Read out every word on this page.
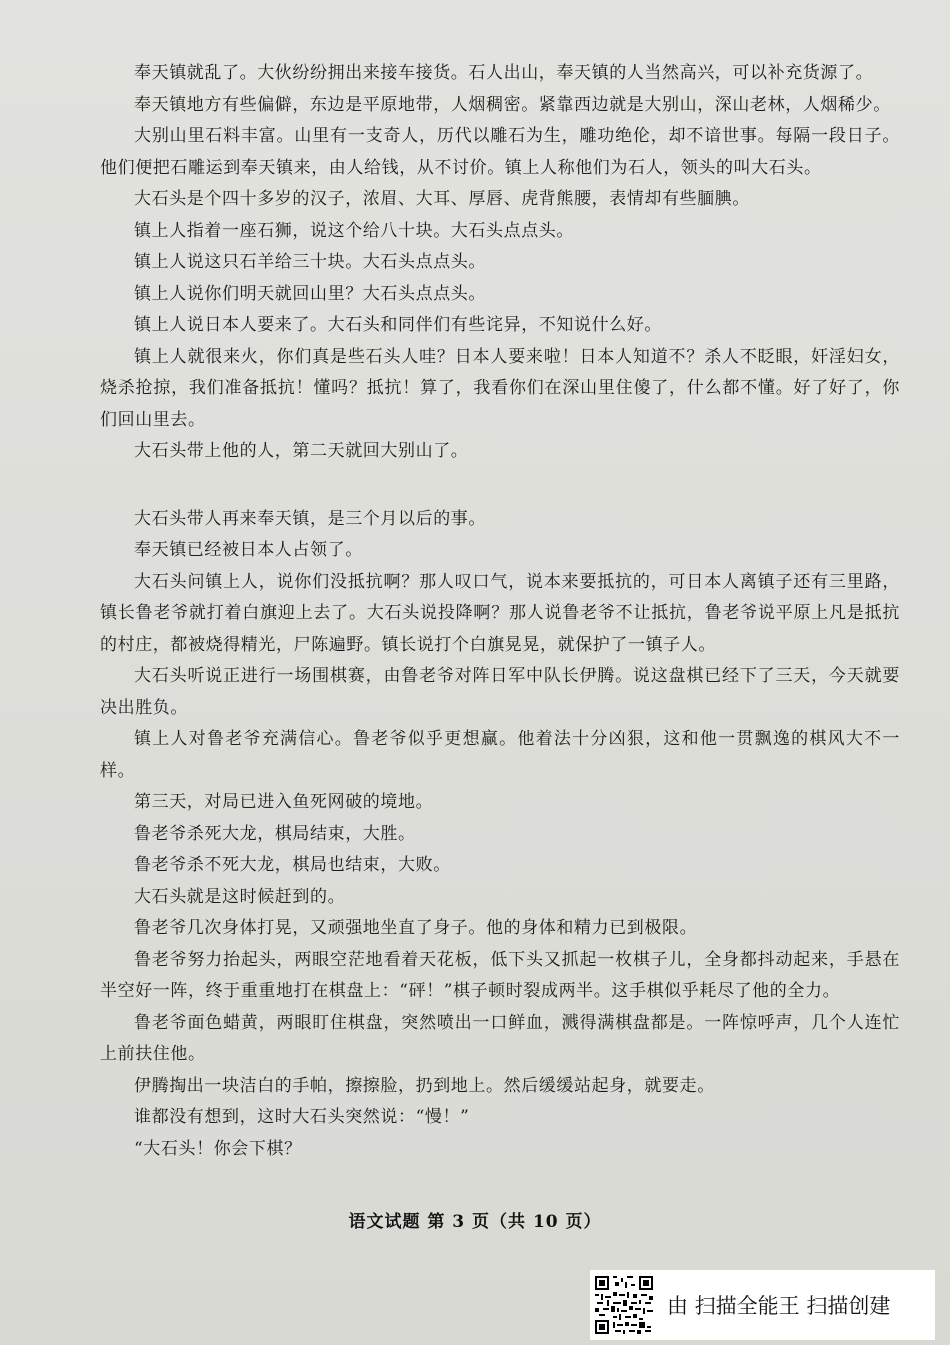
奉天镇就乱了。大伙纷纷拥出来接车接货。石人出山，奉天镇的人当然高兴，可以补充货源了。

奉天镇地方有些偏僻，东边是平原地带，人烟稠密。紧靠西边就是大别山，深山老林，人烟稀少。

大别山里石料丰富。山里有一支奇人，历代以雕石为生，雕功绝伦，却不谙世事。每隔一段日子。他们便把石雕运到奉天镇来，由人给钱，从不讨价。镇上人称他们为石人，领头的叫大石头。

大石头是个四十多岁的汉子，浓眉、大耳、厚唇、虎背熊腰，表情却有些腼腆。

镇上人指着一座石狮，说这个给八十块。大石头点点头。

镇上人说这只石羊给三十块。大石头点点头。

镇上人说你们明天就回山里？大石头点点头。

镇上人说日本人要来了。大石头和同伴们有些诧异，不知说什么好。

镇上人就很来火，你们真是些石头人哇？日本人要来啦！日本人知道不？杀人不眨眼，奸淫妇女，烧杀抢掠，我们准备抵抗！懂吗？抵抗！算了，我看你们在深山里住傻了，什么都不懂。好了好了，你们回山里去。

大石头带上他的人，第二天就回大别山了。

大石头带人再来奉天镇，是三个月以后的事。

奉天镇已经被日本人占领了。

大石头问镇上人，说你们没抵抗啊？那人叹口气，说本来要抵抗的，可日本人离镇子还有三里路，镇长鲁老爷就打着白旗迎上去了。大石头说投降啊？那人说鲁老爷不让抵抗，鲁老爷说平原上凡是抵抗的村庄，都被烧得精光，尸陈遍野。镇长说打个白旗晃晃，就保护了一镇子人。

大石头听说正进行一场围棋赛，由鲁老爷对阵日军中队长伊腾。说这盘棋已经下了三天，今天就要决出胜负。

镇上人对鲁老爷充满信心。鲁老爷似乎更想赢。他着法十分凶狠，这和他一贯飘逸的棋风大不一样。

第三天，对局已进入鱼死网破的境地。

鲁老爷杀死大龙，棋局结束，大胜。

鲁老爷杀不死大龙，棋局也结束，大败。

大石头就是这时候赶到的。

鲁老爷几次身体打晃，又顽强地坐直了身子。他的身体和精力已到极限。

鲁老爷努力抬起头，两眼空茫地看着天花板，低下头又抓起一枚棋子儿，全身都抖动起来，手悬在半空好一阵，终于重重地打在棋盘上：“砰！”棋子顿时裂成两半。这手棋似乎耗尽了他的全力。

鲁老爷面色蜡黄，两眼盯住棋盘，突然喷出一口鲜血，溅得满棋盘都是。一阵惊呼声，几个人连忙上前扶住他。

伊腾掏出一块洁白的手帕，擦擦脸，扔到地上。然后缓缓站起身，就要走。

谁都没有想到，这时大石头突然说：“慢！”

“大石头！你会下棋？

语文试题 第 3 页（共 10 页）
由 扫描全能王 扫描创建
